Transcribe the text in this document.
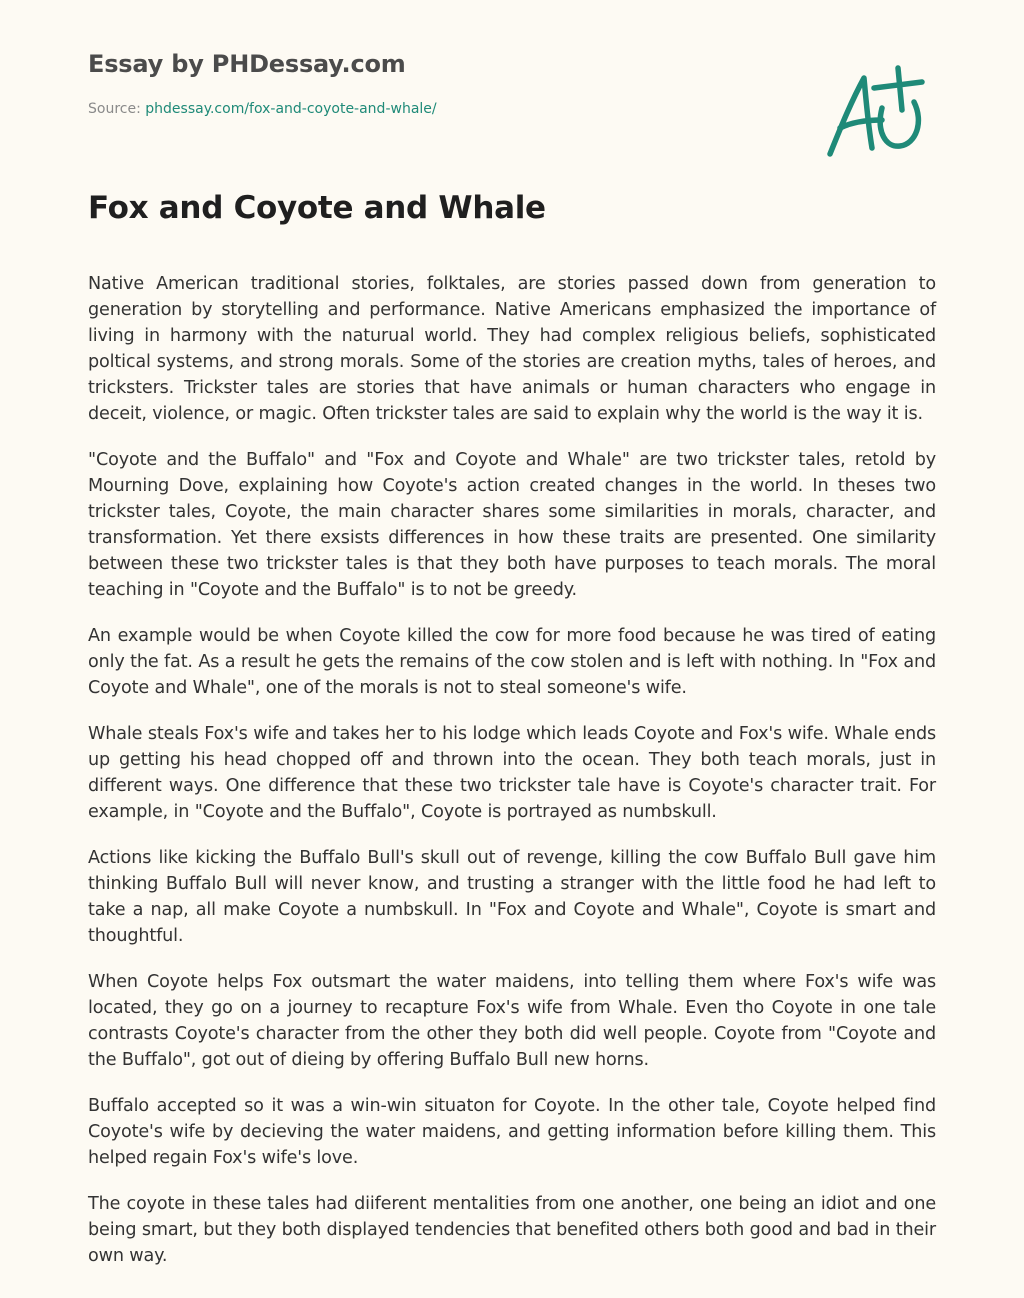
Essay by PHDessay.com
Source: phdessay.com/fox-and-coyote-and-whale/
Fox and Coyote and Whale

Native American traditional stories, folktales, are stories passed down from generation to generation by storytelling and performance. Native Americans emphasized the importance of living in harmony with the naturual world. They had complex religious beliefs, sophisticated poltical systems, and strong morals. Some of the stories are creation myths, tales of heroes, and tricksters. Trickster tales are stories that have animals or human characters who engage in deceit, violence, or magic. Often trickster tales are said to explain why the world is the way it is.

"Coyote and the Buffalo" and "Fox and Coyote and Whale" are two trickster tales, retold by Mourning Dove, explaining how Coyote's action created changes in the world. In theses two trickster tales, Coyote, the main character shares some similarities in morals, character, and transformation. Yet there exsists differences in how these traits are presented. One similarity between these two trickster tales is that they both have purposes to teach morals. The moral teaching in "Coyote and the Buffalo" is to not be greedy.

An example would be when Coyote killed the cow for more food because he was tired of eating only the fat. As a result he gets the remains of the cow stolen and is left with nothing. In "Fox and Coyote and Whale", one of the morals is not to steal someone's wife.

Whale steals Fox's wife and takes her to his lodge which leads Coyote and Fox's wife. Whale ends up getting his head chopped off and thrown into the ocean. They both teach morals, just in different ways. One difference that these two trickster tale have is Coyote's character trait. For example, in "Coyote and the Buffalo", Coyote is portrayed as numbskull.

Actions like kicking the Buffalo Bull's skull out of revenge, killing the cow Buffalo Bull gave him thinking Buffalo Bull will never know, and trusting a stranger with the little food he had left to take a nap, all make Coyote a numbskull. In "Fox and Coyote and Whale", Coyote is smart and thoughtful.

When Coyote helps Fox outsmart the water maidens, into telling them where Fox's wife was located, they go on a journey to recapture Fox's wife from Whale. Even tho Coyote in one tale contrasts Coyote's character from the other they both did well people. Coyote from "Coyote and the Buffalo", got out of dieing by offering Buffalo Bull new horns.

Buffalo accepted so it was a win-win situaton for Coyote. In the other tale, Coyote helped find Coyote's wife by decieving the water maidens, and getting information before killing them. This helped regain Fox's wife's love.

The coyote in these tales had diiferent mentalities from one another, one being an idiot and one being smart, but they both displayed tendencies that benefited others both good and bad in their own way.
